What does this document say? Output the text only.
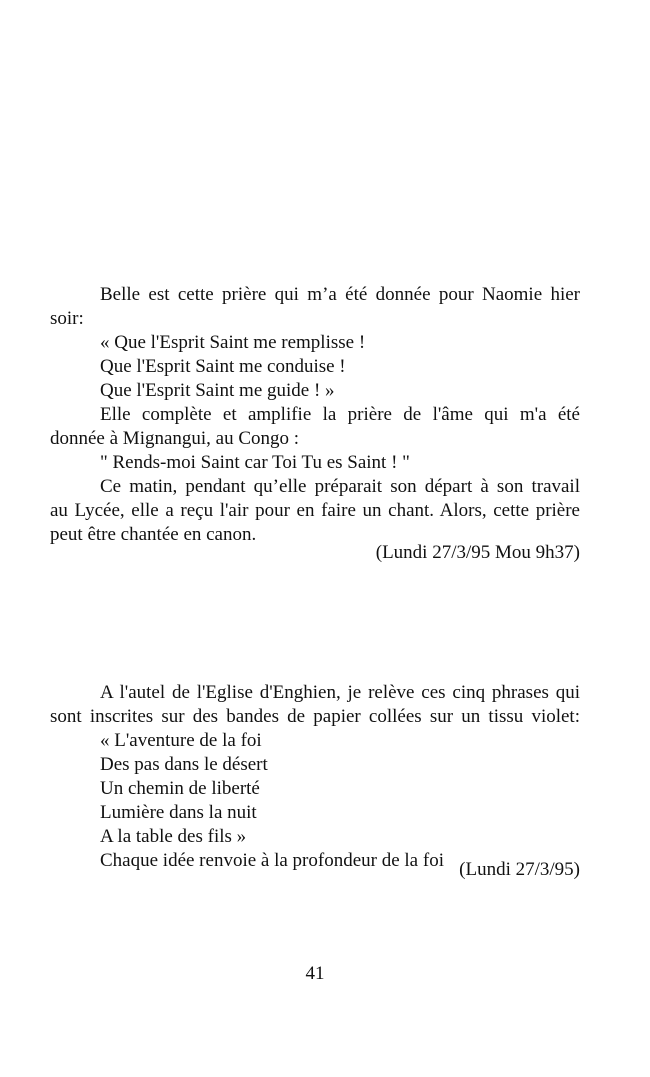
Belle est cette prière qui m’a été donnée pour Naomie hier
soir:
« Que l'Esprit Saint me remplisse !
Que l'Esprit Saint me conduise !
Que l'Esprit Saint me guide ! »
Elle complète et amplifie la prière de l'âme qui m'a été
donnée à Mignangui, au Congo :
" Rends-moi Saint car Toi Tu es Saint ! "
Ce matin, pendant qu’elle préparait son départ à son travail
au Lycée, elle a reçu l'air pour en faire un chant. Alors, cette prière
peut être chantée en canon.
(Lundi 27/3/95 Mou 9h37)
A l'autel de l'Eglise d'Enghien, je relève ces cinq phrases qui
sont inscrites sur des bandes de papier collées sur un tissu violet:
« L'aventure de la foi
Des pas dans le désert
Un chemin de liberté
Lumière dans la nuit
A la table des fils »
Chaque idée renvoie à la profondeur de la foi (Lundi 27/3/95)
41
